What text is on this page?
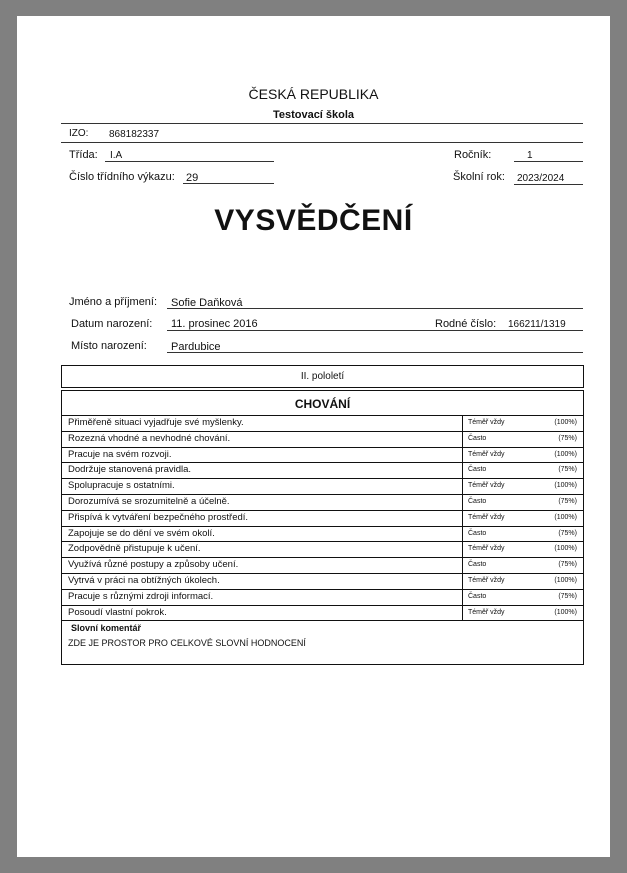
ČESKÁ REPUBLIKA
Testovací škola
IZO: 868182337
Třída: I.A	Ročník:	1
Číslo třídního výkazu: 29	Školní rok: 2023/2024
VYSVĚDČENÍ
Jméno a příjmení: Sofie Daňková
Datum narození: 11. prosinec 2016	Rodné číslo: 166211/1319
Místo narození: Pardubice
II. pololetí
CHOVÁNÍ
Přiměřeně situaci vyjadřuje své myšlenky.	Téměř vždy	(100%)
Rozezná vhodné a nevhodné chování.	Často	(75%)
Pracuje na svém rozvoji.	Téměř vždy	(100%)
Dodržuje stanovená pravidla.	Často	(75%)
Spolupracuje s ostatními.	Téměř vždy	(100%)
Dorozumívá se srozumitelně a účelně.	Často	(75%)
Přispívá k vytváření bezpečného prostředí.	Téměř vždy	(100%)
Zapojuje se do dění ve svém okolí.	Často	(75%)
Zodpovědně přistupuje k učení.	Téměř vždy	(100%)
Využívá různé postupy a způsoby učení.	Často	(75%)
Vytrvá v práci na obtížných úkolech.	Téměř vždy	(100%)
Pracuje s různými zdroji informací.	Často	(75%)
Posoudí vlastní pokrok.	Téměř vždy	(100%)
Slovní komentář
ZDE JE PROSTOR PRO CELKOVÉ SLOVNÍ HODNOCENÍ
